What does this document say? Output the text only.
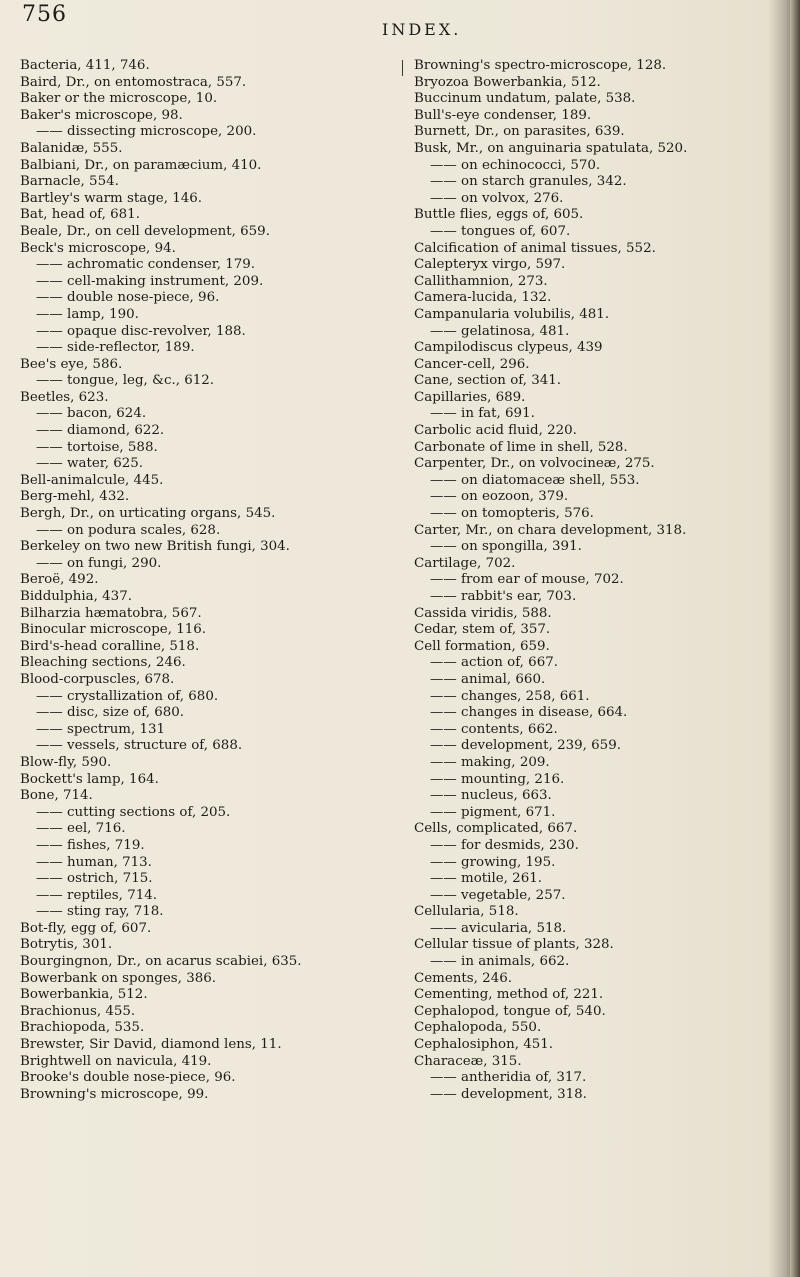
756
INDEX.
Bacteria, 411, 746.
Baird, Dr., on entomostraca, 557.
Baker or the microscope, 10.
Baker's microscope, 98.
—— dissecting microscope, 200.
Balanidæ, 555.
Balbiani, Dr., on paramæcium, 410.
Barnacle, 554.
Bartley's warm stage, 146.
Bat, head of, 681.
Beale, Dr., on cell development, 659.
Beck's microscope, 94.
—— achromatic condenser, 179.
—— cell-making instrument, 209.
—— double nose-piece, 96.
—— lamp, 190.
—— opaque disc-revolver, 188.
—— side-reflector, 189.
Bee's eye, 586.
—— tongue, leg, &c., 612.
Beetles, 623.
—— bacon, 624.
—— diamond, 622.
—— tortoise, 588.
—— water, 625.
Bell-animalcule, 445.
Berg-mehl, 432.
Bergh, Dr., on urticating organs, 545.
—— on podura scales, 628.
Berkeley on two new British fungi, 304.
—— on fungi, 290.
Beroë, 492.
Biddulphia, 437.
Bilharzia hæmatobra, 567.
Binocular microscope, 116.
Bird's-head coralline, 518.
Bleaching sections, 246.
Blood-corpuscles, 678.
—— crystallization of, 680.
—— disc, size of, 680.
—— spectrum, 131
—— vessels, structure of, 688.
Blow-fly, 590.
Bockett's lamp, 164.
Bone, 714.
—— cutting sections of, 205.
—— eel, 716.
—— fishes, 719.
—— human, 713.
—— ostrich, 715.
—— reptiles, 714.
—— sting ray, 718.
Bot-fly, egg of, 607.
Botrytis, 301.
Bourgingnon, Dr., on acarus scabiei, 635.
Bowerbank on sponges, 386.
Bowerbankia, 512.
Brachionus, 455.
Brachiopoda, 535.
Brewster, Sir David, diamond lens, 11.
Brightwell on navicula, 419.
Brooke's double nose-piece, 96.
Browning's microscope, 99.
Browning's spectro-microscope, 128.
Bryozoa Bowerbankia, 512.
Buccinum undatum, palate, 538.
Bull's-eye condenser, 189.
Burnett, Dr., on parasites, 639.
Busk, Mr., on anguinaria spatulata, 520.
—— on echinococci, 570.
—— on starch granules, 342.
—— on volvox, 276.
Buttle flies, eggs of, 605.
—— tongues of, 607.
Calcification of animal tissues, 552.
Calepteryx virgo, 597.
Callithamnion, 273.
Camera-lucida, 132.
Campanularia volubilis, 481.
—— gelatinosa, 481.
Campilodiscus clypeus, 439
Cancer-cell, 296.
Cane, section of, 341.
Capillaries, 689.
—— in fat, 691.
Carbolic acid fluid, 220.
Carbonate of lime in shell, 528.
Carpenter, Dr., on volvocineæ, 275.
—— on diatomaceæ shell, 553.
—— on eozoon, 379.
—— on tomopteris, 576.
Carter, Mr., on chara development, 318.
—— on spongilla, 391.
Cartilage, 702.
—— from ear of mouse, 702.
—— rabbit's ear, 703.
Cassida viridis, 588.
Cedar, stem of, 357.
Cell formation, 659.
—— action of, 667.
—— animal, 660.
—— changes, 258, 661.
—— changes in disease, 664.
—— contents, 662.
—— development, 239, 659.
—— making, 209.
—— mounting, 216.
—— nucleus, 663.
—— pigment, 671.
Cells, complicated, 667.
—— for desmids, 230.
—— growing, 195.
—— motile, 261.
—— vegetable, 257.
Cellularia, 518.
—— avicularia, 518.
Cellular tissue of plants, 328.
—— in animals, 662.
Cements, 246.
Cementing, method of, 221.
Cephalopod, tongue of, 540.
Cephalopoda, 550.
Cephalosiphon, 451.
Characeæ, 315.
—— antheridia of, 317.
—— development, 318.
